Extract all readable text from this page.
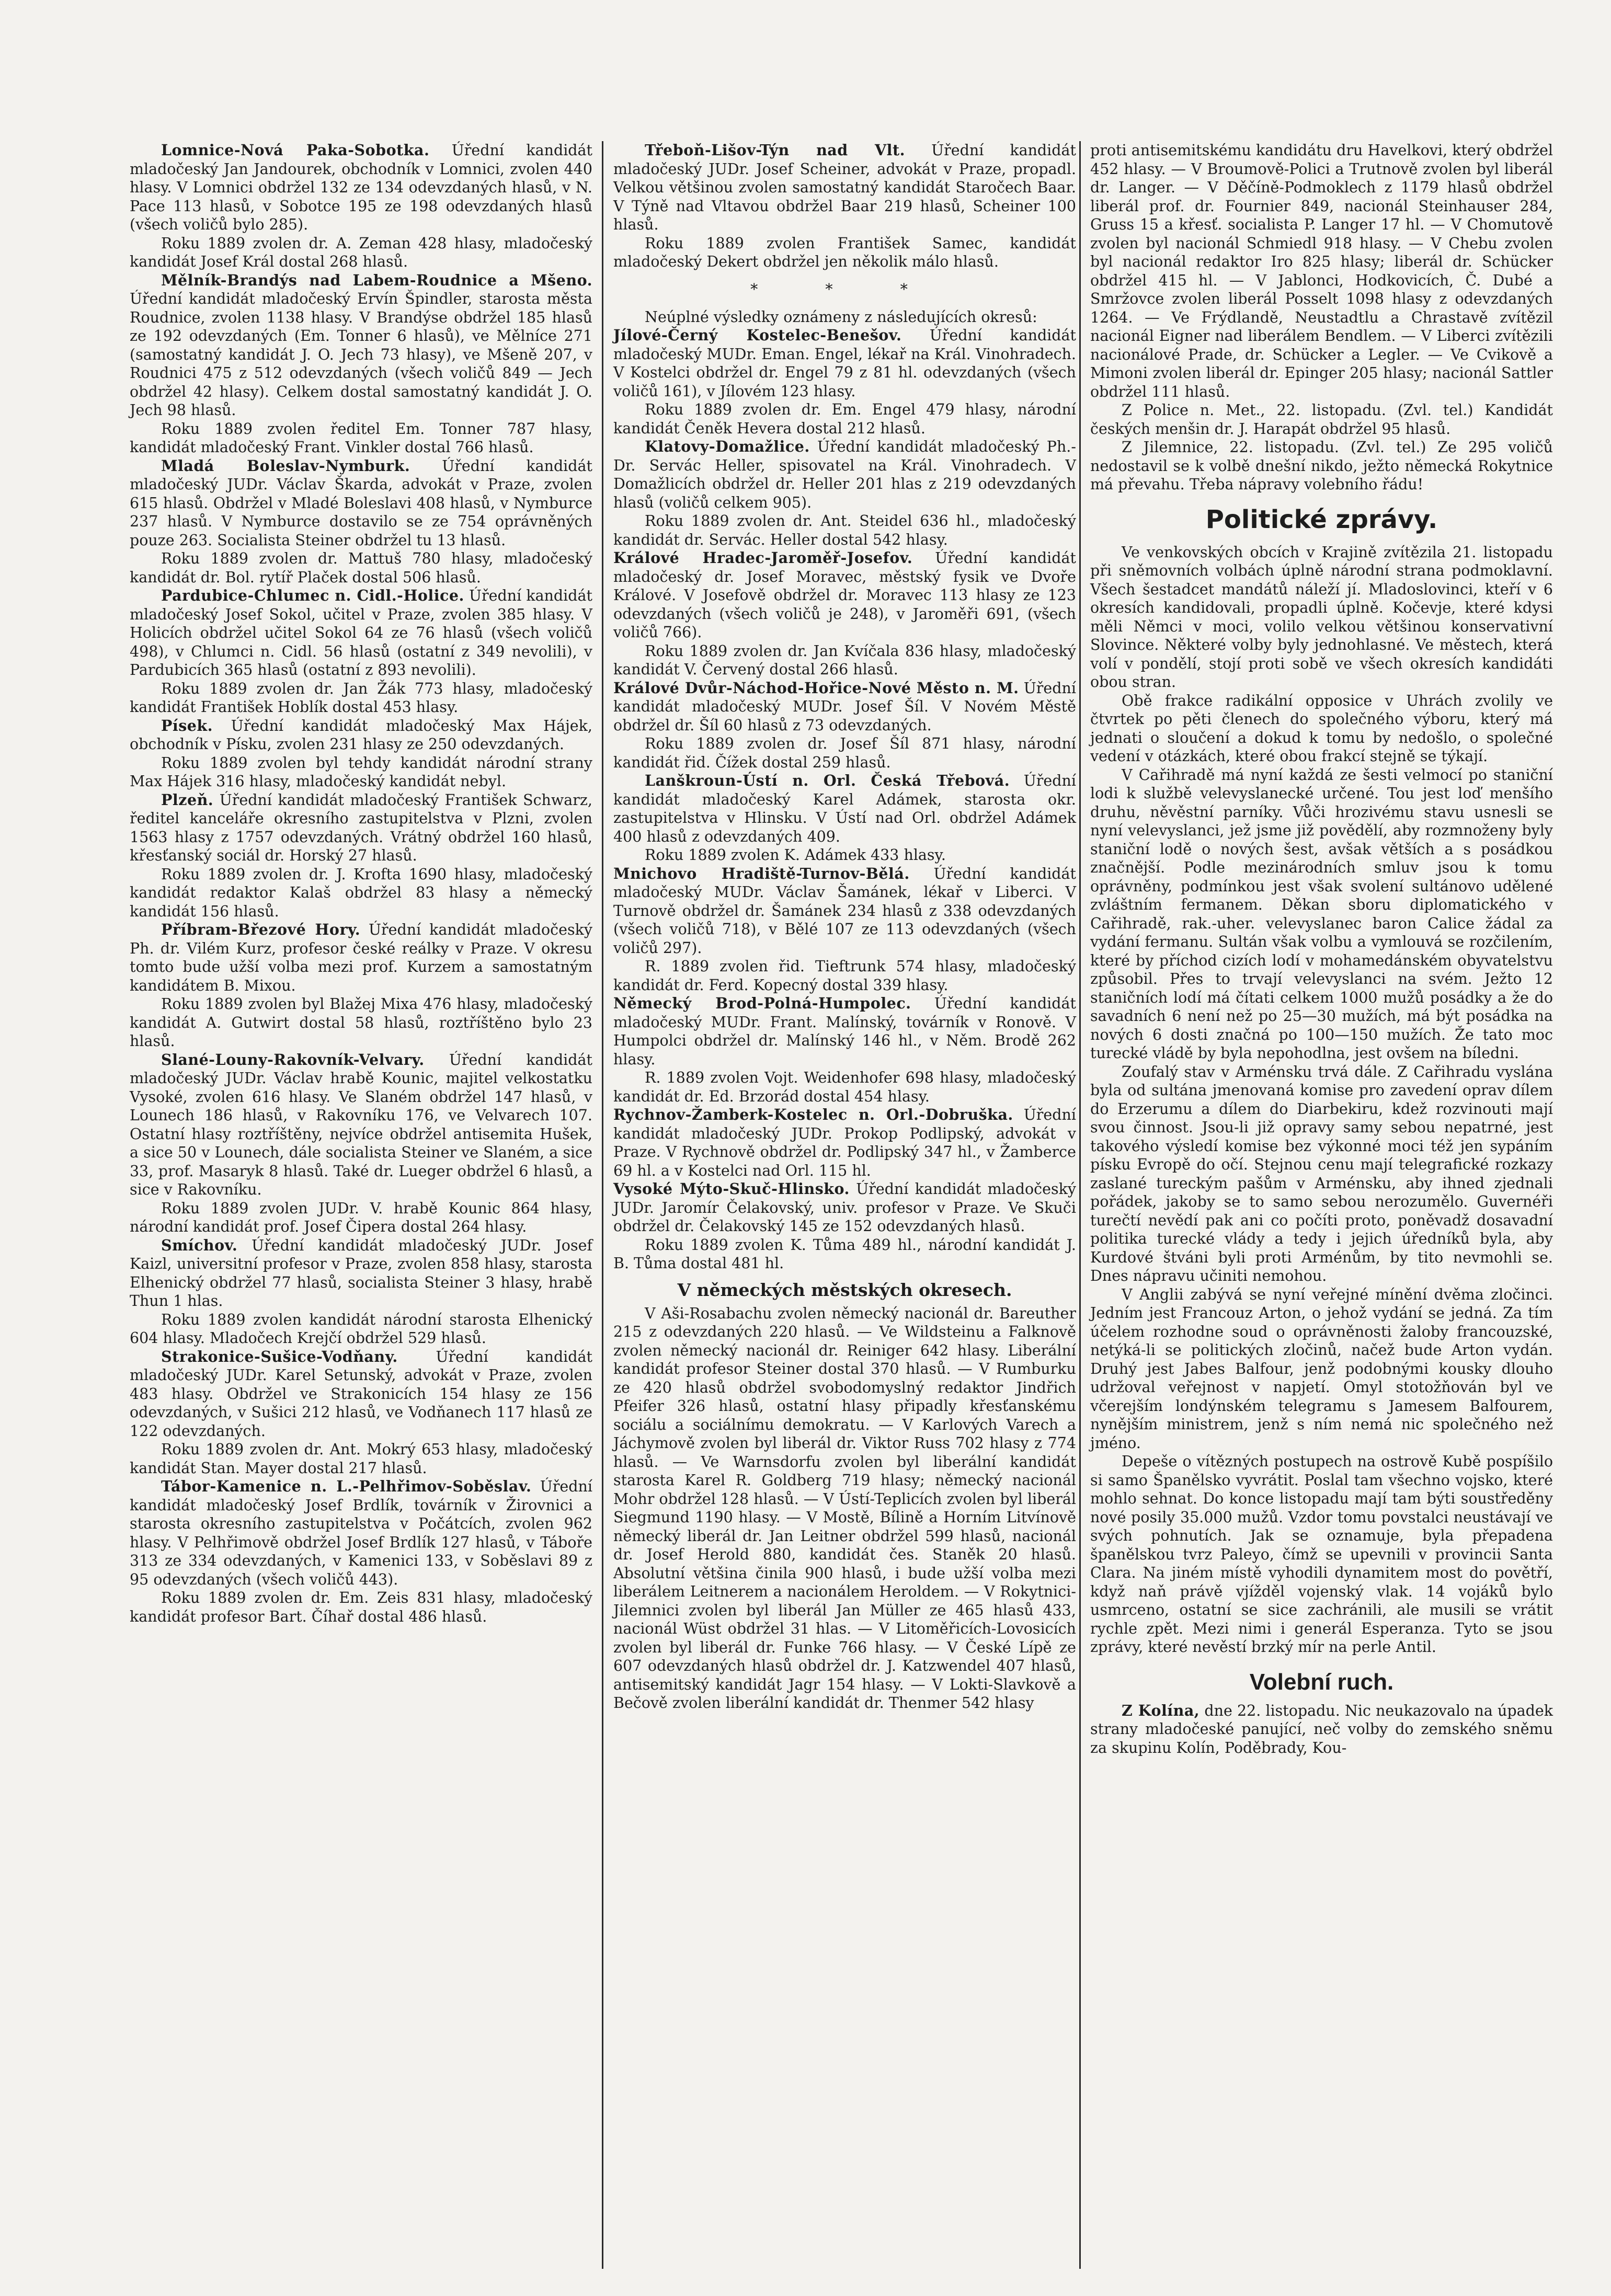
Lomnice-Nová Paka-Sobotka. Úřední kandidát mladočeský Jan Jandourek, obchodník v Lomnici, zvolen 440 hlasy. V Lomnici obdržel 132 ze 134 odevzdaných hlasů, v N. Pace 113 hlasů, v Sobotce 195 ze 198 odevzdaných hlasů (všech voličů bylo 285).

Roku 1889 zvolen dr. A. Zeman 428 hlasy, mladočeský kandidát Josef Král dostal 268 hlasů.

Mělník-Brandýs nad Labem-Roudnice a Mšeno. Úřední kandidát mladočeský Ervín Špindler, starosta města Roudnice, zvolen 1138 hlasy. V Brandýse obdržel 185 hlasů ze 192 odevzdaných (Em. Tonner 6 hlasů), ve Mělníce 271 (samostatný kandidát J. O. Jech 73 hlasy), ve Mšeně 207, v Roudnici 475 z 512 odevzdaných (všech voličů 849 — Jech obdržel 42 hlasy). Celkem dostal samostatný kandidát J. O. Jech 98 hlasů.

Roku 1889 zvolen ředitel Em. Tonner 787 hlasy, kandidát mladočeský Frant. Vinkler dostal 766 hlasů.

Mladá Boleslav-Nymburk. Úřední kandidát mladočeský JUDr. Václav Škarda, advokát v Praze, zvolen 615 hlasů. Obdržel v Mladé Boleslavi 408 hlasů, v Nymburce 237 hlasů. V Nymburce dostavilo se ze 754 oprávněných pouze 263. Socialista Steiner obdržel tu 13 hlasů.

Roku 1889 zvolen dr. Mattuš 780 hlasy, mladočeský kandidát dr. Bol. rytíř Plaček dostal 506 hlasů.

Pardubice-Chlumec n. Cidl.-Holice. Úřední kandidát mladočeský Josef Sokol, učitel v Praze, zvolen 385 hlasy. V Holicích obdržel učitel Sokol 64 ze 76 hlasů (všech voličů 498), v Chlumci n. Cidl. 56 hlasů (ostatní z 349 nevolili), v Pardubicích 365 hlasů (ostatní z 893 nevolili).

Roku 1889 zvolen dr. Jan Žák 773 hlasy, mladočeský kandidát František Hoblík dostal 453 hlasy.

Písek. Úřední kandidát mladočeský Max Hájek, obchodník v Písku, zvolen 231 hlasy ze 250 odevzdaných.

Roku 1889 zvolen byl tehdy kandidát národní strany Max Hájek 316 hlasy, mladočeský kandidát nebyl.

Plzeň. Úřední kandidát mladočeský František Schwarz, ředitel kanceláře okresního zastupitelstva v Plzni, zvolen 1563 hlasy z 1757 odevzdaných. Vrátný obdržel 160 hlasů, křesťanský sociál dr. Horský 27 hlasů.

Roku 1889 zvolen dr. J. Krofta 1690 hlasy, mladočeský kandidát redaktor Kalaš obdržel 83 hlasy a německý kandidát 156 hlasů.

Příbram-Březové Hory. Úřední kandidát mladočeský Ph. dr. Vilém Kurz, profesor české reálky v Praze. V okresu tomto bude užší volba mezi prof. Kurzem a samostatným kandidátem B. Mixou.

Roku 1889 zvolen byl Blažej Mixa 476 hlasy, mladočeský kandidát A. Gutwirt dostal 58 hlasů, roztříštěno bylo 23 hlasů.

Slané-Louny-Rakovník-Velvary. Úřední kandidát mladočeský JUDr. Václav hrabě Kounic, majitel velkostatku Vysoké, zvolen 616 hlasy. Ve Slaném obdržel 147 hlasů, v Lounech 186 hlasů, v Rakovníku 176, ve Velvarech 107. Ostatní hlasy roztříštěny, nejvíce obdržel antisemita Hušek, a sice 50 v Lounech, dále socialista Steiner ve Slaném, a sice 33, prof. Masaryk 8 hlasů. Také dr. Lueger obdržel 6 hlasů, a sice v Rakovníku.

Roku 1889 zvolen JUDr. V. hrabě Kounic 864 hlasy, národní kandidát prof. Josef Čipera dostal 264 hlasy.

Smíchov. Úřední kandidát mladočeský JUDr. Josef Kaizl, universitní profesor v Praze, zvolen 858 hlasy, starosta Elhenický obdržel 77 hlasů, socialista Steiner 3 hlasy, hrabě Thun 1 hlas.

Roku 1889 zvolen kandidát národní starosta Elhenický 604 hlasy. Mladočech Krejčí obdržel 529 hlasů.

Strakonice-Sušice-Vodňany. Úřední kandidát mladočeský JUDr. Karel Setunský, advokát v Praze, zvolen 483 hlasy. Obdržel ve Strakonicích 154 hlasy ze 156 odevzdaných, v Sušici 212 hlasů, ve Vodňanech 117 hlasů ze 122 odevzdaných.

Roku 1889 zvolen dr. Ant. Mokrý 653 hlasy, mladočeský kandidát Stan. Mayer dostal 217 hlasů.

Tábor-Kamenice n. L.-Pelhřimov-Soběslav. Úřední kandidát mladočeský Josef Brdlík, továrník v Žirovnici a starosta okresního zastupitelstva v Počátcích, zvolen 962 hlasy. V Pelhřimově obdržel Josef Brdlík 127 hlasů, v Táboře 313 ze 334 odevzdaných, v Kamenici 133, v Soběslavi 89 z 95 odevzdaných (všech voličů 443).

Roku 1889 zvolen dr. Em. Zeis 831 hlasy, mladočeský kandidát profesor Bart. Číhař dostal 486 hlasů.

Třeboň-Lišov-Týn nad Vlt. Úřední kandidát mladočeský JUDr. Josef Scheiner, advokát v Praze, propadl. Velkou většinou zvolen samostatný kandidát Staročech Baar. V Týně nad Vltavou obdržel Baar 219 hlasů, Scheiner 100 hlasů.

Roku 1889 zvolen František Samec, kandidát mladočeský Dekert obdržel jen několik málo hlasů.

* * *

Neúplné výsledky oznámeny z následujících okresů:

Jílové-Černý Kostelec-Benešov. Úřední kandidát mladočeský MUDr. Eman. Engel, lékař na Král. Vinohradech. V Kostelci obdržel dr. Engel 79 z 81 hl. odevzdaných (všech voličů 161), v Jílovém 123 hlasy.

Roku 1889 zvolen dr. Em. Engel 479 hlasy, národní kandidát Čeněk Hevera dostal 212 hlasů.

Klatovy-Domažlice. Úřední kandidát mladočeský Ph.-Dr. Servác Heller, spisovatel na Král. Vinohradech. V Domažlicích obdržel dr. Heller 201 hlas z 219 odevzdaných hlasů (voličů celkem 905).

Roku 1889 zvolen dr. Ant. Steidel 636 hl., mladočeský kandidát dr. Servác. Heller dostal 542 hlasy.

Králové Hradec-Jaroměř-Josefov. Úřední kandidát mladočeský dr. Josef Moravec, městský fysik ve Dvoře Králové. V Josefově obdržel dr. Moravec 113 hlasy ze 123 odevzdaných (všech voličů je 248), v Jaroměři 691, (všech voličů 766).

Roku 1889 zvolen dr. Jan Kvíčala 836 hlasy, mladočeský kandidát V. Červený dostal 266 hlasů.

Králové Dvůr-Náchod-Hořice-Nové Město n. M. Úřední kandidát mladočeský MUDr. Josef Šíl. V Novém Městě obdržel dr. Šíl 60 hlasů z 73 odevzdaných.

Roku 1889 zvolen dr. Josef Šíl 871 hlasy, národní kandidát řid. Čížek dostal 259 hlasů.

Lanškroun-Ústí n. Orl. Česká Třebová. Úřední kandidát mladočeský Karel Adámek, starosta okr. zastupitelstva v Hlinsku. V Ústí nad Orl. obdržel Adámek 400 hlasů z odevzdaných 409.

Roku 1889 zvolen K. Adámek 433 hlasy.

Mnichovo Hradiště-Turnov-Bělá. Úřední kandidát mladočeský MUDr. Václav Šamánek, lékař v Liberci. V Turnově obdržel dr. Šamánek 234 hlasů z 338 odevzdaných (všech voličů 718), v Bělé 107 ze 113 odevzdaných (všech voličů 297).

R. 1889 zvolen řid. Tieftrunk 574 hlasy, mladočeský kandidát dr. Ferd. Kopecný dostal 339 hlasy.

Německý Brod-Polná-Humpolec. Úřední kandidát mladočeský MUDr. Frant. Malínský, továrník v Ronově. V Humpolci obdržel dr. Malínský 146 hl., v Něm. Brodě 262 hlasy.

R. 1889 zvolen Vojt. Weidenhofer 698 hlasy, mladočeský kandidát dr. Ed. Brzorád dostal 454 hlasy.

Rychnov-Žamberk-Kostelec n. Orl.-Dobruška. Úřední kandidát mladočeský JUDr. Prokop Podlipský, advokát v Praze. V Rychnově obdržel dr. Podlipský 347 hl., v Žamberce 69 hl. a v Kostelci nad Orl. 115 hl.

Vysoké Mýto-Skuč-Hlinsko. Úřední kandidát mladočeský JUDr. Jaromír Čelakovský, univ. profesor v Praze. Ve Skuči obdržel dr. Čelakovský 145 ze 152 odevzdaných hlasů.

Roku 1889 zvolen K. Tůma 489 hl., národní kandidát J. B. Tůma dostal 481 hl.

V německých městských okresech.

V Aši-Rosabachu zvolen německý nacionál dr. Bareuther 215 z odevzdaných 220 hlasů. — Ve Wildsteinu a Falknově zvolen německý nacionál dr. Reiniger 642 hlasy. Liberální kandidát profesor Steiner dostal 370 hlasů. — V Rumburku ze 420 hlasů obdržel svobodomyslný redaktor Jindřich Pfeifer 326 hlasů, ostatní hlasy připadly křesťanskému sociálu a sociálnímu demokratu. — V Karlových Varech a Jáchymově zvolen byl liberál dr. Viktor Russ 702 hlasy z 774 hlasů. — Ve Warnsdorfu zvolen byl liberální kandidát starosta Karel R. Goldberg 719 hlasy; německý nacionál Mohr obdržel 128 hlasů. — V Ústí-Teplicích zvolen byl liberál Siegmund 1190 hlasy. — V Mostě, Bílině a Horním Litvínově německý liberál dr. Jan Leitner obdržel 599 hlasů, nacionál dr. Josef Herold 880, kandidát čes. Staněk 20 hlasů. Absolutní většina činila 900 hlasů, i bude užší volba mezi liberálem Leitnerem a nacionálem Heroldem. — V Rokytnici-Jilemnici zvolen byl liberál Jan Müller ze 465 hlasů 433, nacionál Wüst obdržel 31 hlas. — V Litoměřicích-Lovosicích zvolen byl liberál dr. Funke 766 hlasy. — V České Lípě ze 607 odevzdaných hlasů obdržel dr. J. Katzwendel 407 hlasů, antisemitský kandidát Jagr 154 hlasy. — V Lokti-Slavkově a Bečově zvolen liberální kandidát dr. Thenmer 542 hlasy

proti antisemitskému kandidátu dru Havelkovi, který obdržel 452 hlasy. — V Broumově-Polici a Trutnově zvolen byl liberál dr. Langer. — V Děčíně-Podmoklech z 1179 hlasů obdržel liberál prof. dr. Fournier 849, nacionál Steinhauser 284, Gruss 15 a křesť. socialista P. Langer 17 hl. — V Chomutově zvolen byl nacionál Schmiedl 918 hlasy. — V Chebu zvolen byl nacionál redaktor Iro 825 hlasy; liberál dr. Schücker obdržel 415 hl. — V Jablonci, Hodkovicích, Č. Dubé a Smržovce zvolen liberál Posselt 1098 hlasy z odevzdaných 1264. — Ve Frýdlandě, Neustadtlu a Chrastavě zvítězil nacionál Eigner nad liberálem Bendlem. — V Liberci zvítězili nacionálové Prade, dr. Schücker a Legler. — Ve Cvikově a Mimoni zvolen liberál dr. Epinger 205 hlasy; nacionál Sattler obdržel 111 hlasů.

Z Police n. Met., 22. listopadu. (Zvl. tel.) Kandidát českých menšin dr. J. Harapát obdržel 95 hlasů.

Z Jilemnice, 22. listopadu. (Zvl. tel.) Ze 295 voličů nedostavil se k volbě dnešní nikdo, ježto německá Rokytnice má převahu. Třeba nápravy volebního řádu!

Politické zprávy.

Ve venkovských obcích v Krajině zvítězila 21. listopadu při sněmovních volbách úplně národní strana podmoklavní. Všech šestadcet mandátů náleží jí. Mladoslovinci, kteří v 6 okresích kandidovali, propadli úplně. Kočevje, které kdysi měli Němci v moci, volilo velkou většinou konservativní Slovince. Některé volby byly jednohlasné. Ve městech, která volí v pondělí, stojí proti sobě ve všech okresích kandidáti obou stran.

Obě frakce radikální opposice v Uhrách zvolily ve čtvrtek po pěti členech do společného výboru, který má jednati o sloučení a dokud k tomu by nedošlo, o společné vedení v otázkách, které obou frakcí stejně se týkají.

V Cařihradě má nyní každá ze šesti velmocí po staniční lodi k službě velevyslanecké určené. Tou jest loď menšího druhu, něvěstní parníky. Vůči hrozivému stavu usnesli se nyní velevyslanci, jež jsme již povědělí, aby rozmnoženy byly staniční lodě o nových šest, avšak větších a s posádkou značnější. Podle mezinárodních smluv jsou k tomu oprávněny, podmínkou jest však svolení sultánovo udělené zvláštním fermanem. Děkan sboru diplomatického v Cařihradě, rak.-uher. velevyslanec baron Calice žádal za vydání fermanu. Sultán však volbu a vymlouvá se rozčilením, které by příchod cizích lodí v mohamedánském obyvatelstvu způsobil. Přes to trvají velevyslanci na svém. Ježto 12 staničních lodí má čítati celkem 1000 mužů posádky a že do savadních 6 není než po 25—30 mužích, má být posádka na nových 6 dosti značná po 100—150 mužích. Že tato moc turecké vládě by byla nepohodlna, jest ovšem na bíledni.

Zoufalý stav v Arménsku trvá dále. Z Cařihradu vyslána byla od sultána jmenovaná komise pro zavedení oprav dílem do Erzerumu a dílem do Diarbekiru, kdež rozvinouti mají svou činnost. Jsou-li již opravy samy sebou nepatrné, jest takového výsledí komise bez výkonné moci též jen sypáním písku Evropě do očí. Stejnou cenu mají telegrafické rozkazy zaslané tureckým pašům v Arménsku, aby ihned zjednali pořádek, jakoby se to samo sebou nerozumělo. Guvernéři turečtí nevědí pak ani co počíti proto, poněvadž dosavadní politika turecké vlády a tedy i jejich úředníků byla, aby Kurdové štváni byli proti Arménům, by tito nevmohli se. Dnes nápravu učiniti nemohou.

V Anglii zabývá se nyní veřejné mínění dvěma zločinci. Jedním jest Francouz Arton, o jehož vydání se jedná. Za tím účelem rozhodne soud o oprávněnosti žaloby francouzské, netýká-li se politických zločinů, načež bude Arton vydán. Druhý jest Jabes Balfour, jenž podobnými kousky dlouho udržoval veřejnost v napjetí. Omyl stotožňován byl ve včerejším londýnském telegramu s Jamesem Balfourem, nynějším ministrem, jenž s ním nemá nic společného než jméno.

Depeše o vítězných postupech na ostrově Kubě pospíšilo si samo Španělsko vyvrátit. Poslal tam všechno vojsko, které mohlo sehnat. Do konce listopadu mají tam býti soustředěny nové posily 35.000 mužů. Vzdor tomu povstalci neustávají ve svých pohnutích. Jak se oznamuje, byla přepadena španělskou tvrz Paleyo, čímž se upevnili v provincii Santa Clara. Na jiném místě vyhodili dynamitem most do povětří, když naň právě vjížděl vojenský vlak. 14 vojáků bylo usmrceno, ostatní se sice zachránili, ale musili se vrátit rychle zpět. Mezi nimi i generál Esperanza. Tyto se jsou zprávy, které nevěstí brzký mír na perle Antil.

Volební ruch.

Z Kolína, dne 22. listopadu. Nic neukazovalo na úpadek strany mladočeské panující, neč volby do zemského sněmu za skupinu Kolín, Poděbrady, Kou-
